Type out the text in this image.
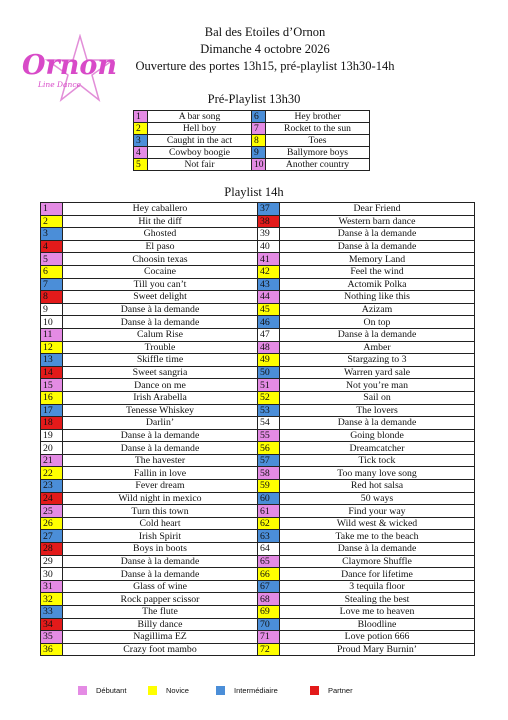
Ornon
Line Dance
Bal des Etoiles d’Ornon
Dimanche 4 octobre 2026
Ouverture des portes 13h15, pré-playlist 13h30-14h
Pré-Playlist 13h30
1	A bar song	6	Hey brother
2	Hell boy	7	Rocket to the sun
3	Caught in the act	8	Toes
4	Cowboy boogie	9	Ballymore boys
5	Not fair	10	Another country
Playlist 14h
1	Hey caballero	37	Dear Friend
2	Hit the diff	38	Western barn dance
3	Ghosted	39	Danse à la demande
4	El paso	40	Danse à la demande
5	Choosin texas	41	Memory Land
6	Cocaine	42	Feel the wind
7	Till you can’t	43	Actomik Polka
8	Sweet delight	44	Nothing like this
9	Danse à la demande	45	Azizam
10	Danse à la demande	46	On top
11	Calum Rise	47	Danse à la demande
12	Trouble	48	Amber
13	Skiffle time	49	Stargazing to 3
14	Sweet sangria	50	Warren yard sale
15	Dance on me	51	Not you’re man
16	Irish Arabella	52	Sail on
17	Tenesse Whiskey	53	The lovers
18	Darlin’	54	Danse à la demande
19	Danse à la demande	55	Going blonde
20	Danse à la demande	56	Dreamcatcher
21	The havester	57	Tick tock
22	Fallin in love	58	Too many love song
23	Fever dream	59	Red hot salsa
24	Wild night in mexico	60	50 ways
25	Turn this town	61	Find your way
26	Cold heart	62	Wild west & wicked
27	Irish Spirit	63	Take me to the beach
28	Boys in boots	64	Danse à la demande
29	Danse à la demande	65	Claymore Shuffle
30	Danse à la demande	66	Dance for lifetime
31	Glass of wine	67	3 tequila floor
32	Rock papper scissor	68	Stealing the best
33	The flute	69	Love me to heaven
34	Billy dance	70	Bloodline
35	Nagillima EZ	71	Love potion 666
36	Crazy foot mambo	72	Proud Mary Burnin’
Débutant	Novice	Intermédiaire	Partner
